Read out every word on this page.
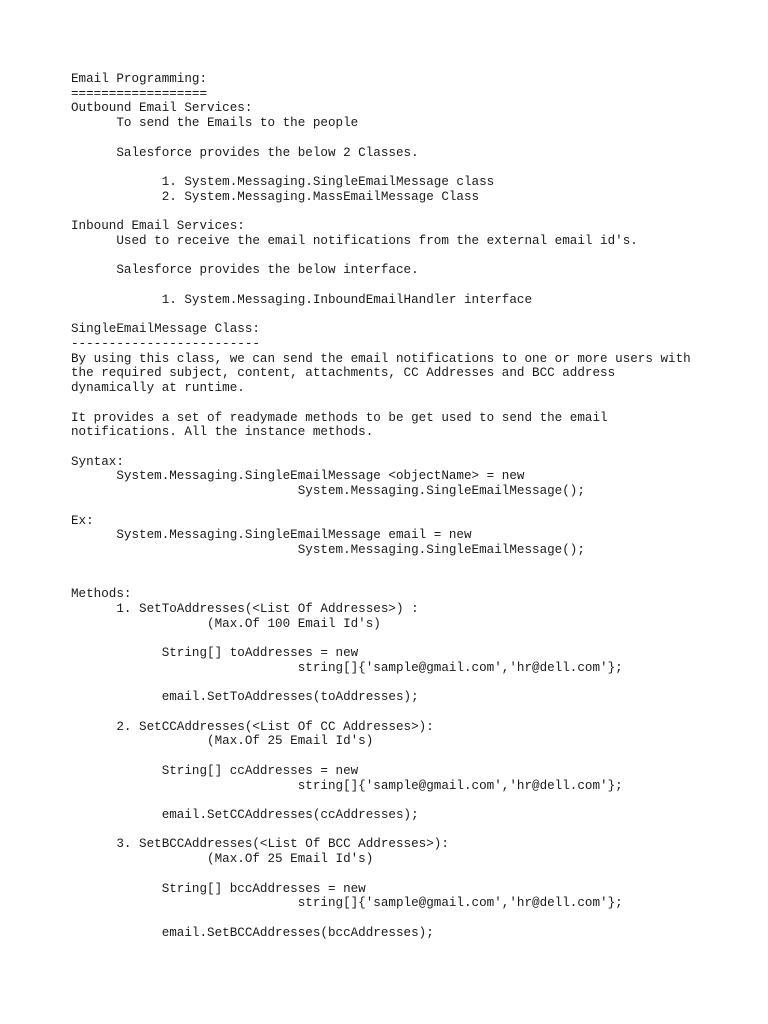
Email Programming:
==================
Outbound Email Services:
To send the Emails to the people
Salesforce provides the below 2 Classes.
1. System.Messaging.SingleEmailMessage class
2. System.Messaging.MassEmailMessage Class
Inbound Email Services:
Used to receive the email notifications from the external email id's.
Salesforce provides the below interface.
1. System.Messaging.InboundEmailHandler interface
SingleEmailMessage Class:
-------------------------
By using this class, we can send the email notifications to one or more users with
the required subject, content, attachments, CC Addresses and BCC address
dynamically at runtime.
It provides a set of readymade methods to be get used to send the email
notifications. All the instance methods.
Syntax:
System.Messaging.SingleEmailMessage <objectName> = new
System.Messaging.SingleEmailMessage();
Ex:
System.Messaging.SingleEmailMessage email = new
System.Messaging.SingleEmailMessage();
Methods:
1. SetToAddresses(<List Of Addresses>) :
(Max.Of 100 Email Id's)
String[] toAddresses = new
string[]{'sample@gmail.com','hr@dell.com'};
email.SetToAddresses(toAddresses);
2. SetCCAddresses(<List Of CC Addresses>):
(Max.Of 25 Email Id's)
String[] ccAddresses = new
string[]{'sample@gmail.com','hr@dell.com'};
email.SetCCAddresses(ccAddresses);
3. SetBCCAddresses(<List Of BCC Addresses>):
(Max.Of 25 Email Id's)
String[] bccAddresses = new
string[]{'sample@gmail.com','hr@dell.com'};
email.SetBCCAddresses(bccAddresses);
